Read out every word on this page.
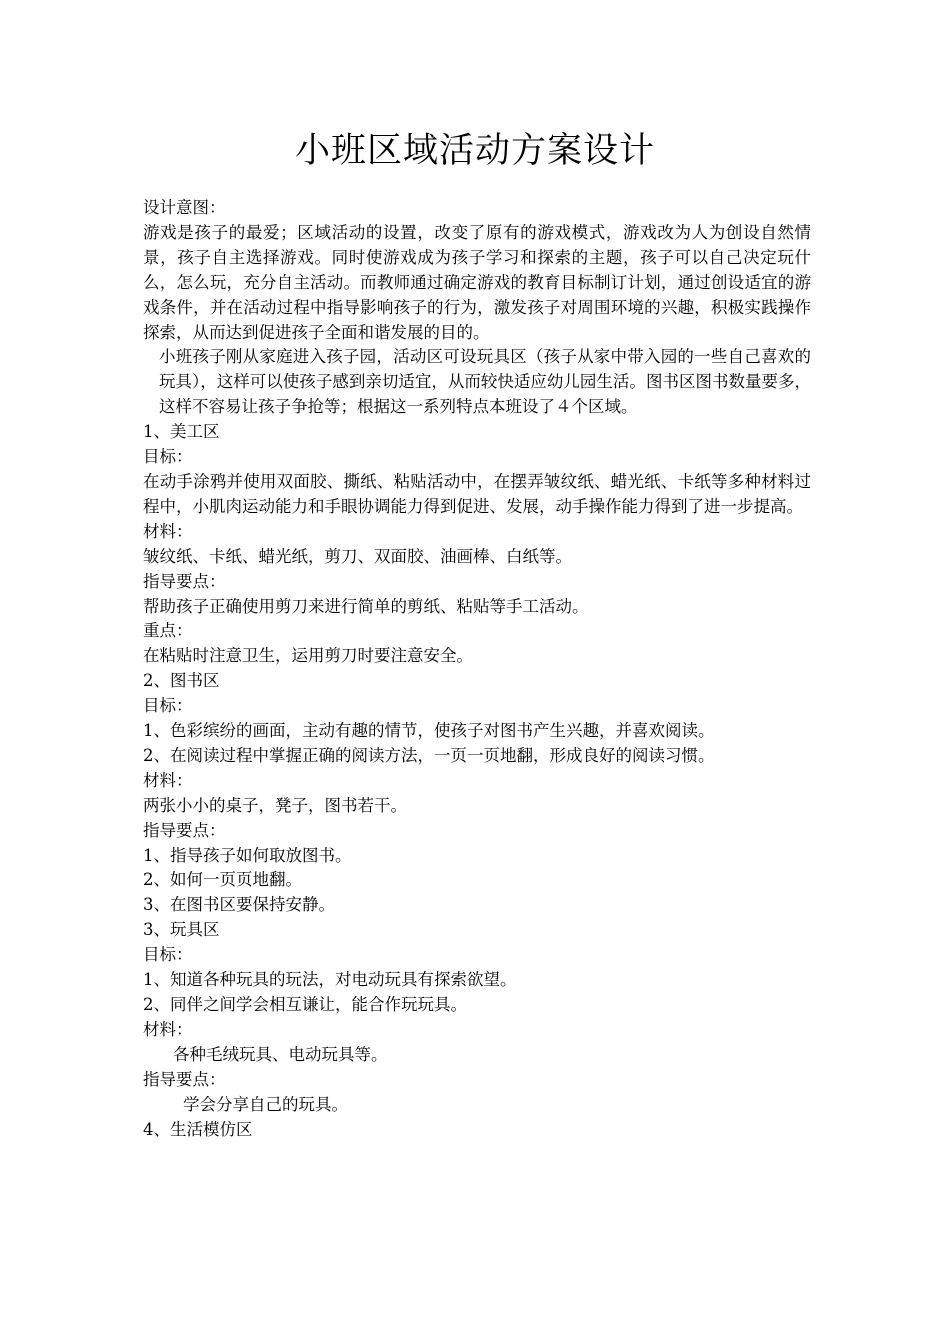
小班区域活动方案设计

设计意图：

游戏是孩子的最爱；区域活动的设置，改变了原有的游戏模式，游戏改为人为创设自然情景，孩子自主选择游戏。同时使游戏成为孩子学习和探索的主题，孩子可以自己决定玩什么，怎么玩，充分自主活动。而教师通过确定游戏的教育目标制订计划，通过创设适宜的游戏条件，并在活动过程中指导影响孩子的行为，激发孩子对周围环境的兴趣，积极实践操作探索，从而达到促进孩子全面和谐发展的目的。

小班孩子刚从家庭进入孩子园，活动区可设玩具区（孩子从家中带入园的一些自己喜欢的玩具），这样可以使孩子感到亲切适宜，从而较快适应幼儿园生活。图书区图书数量要多，这样不容易让孩子争抢等；根据这一系列特点本班设了４个区域。

1、美工区

目标：

在动手涂鸦并使用双面胶、撕纸、粘贴活动中，在摆弄皱纹纸、蜡光纸、卡纸等多种材料过程中，小肌肉运动能力和手眼协调能力得到促进、发展，动手操作能力得到了进一步提高。

材料：

皱纹纸、卡纸、蜡光纸，剪刀、双面胶、油画棒、白纸等。

指导要点：

帮助孩子正确使用剪刀来进行简单的剪纸、粘贴等手工活动。

重点：

在粘贴时注意卫生，运用剪刀时要注意安全。

2、图书区

目标：

1、色彩缤纷的画面，主动有趣的情节，使孩子对图书产生兴趣，并喜欢阅读。

2、在阅读过程中掌握正确的阅读方法，一页一页地翻，形成良好的阅读习惯。

材料：

两张小小的桌子，凳子，图书若干。

指导要点：

1、指导孩子如何取放图书。

2、如何一页页地翻。

3、在图书区要保持安静。

3、玩具区

目标：

1、知道各种玩具的玩法，对电动玩具有探索欲望。

2、同伴之间学会相互谦让，能合作玩玩具。

材料：

各种毛绒玩具、电动玩具等。

指导要点：

学会分享自己的玩具。

4、生活模仿区
